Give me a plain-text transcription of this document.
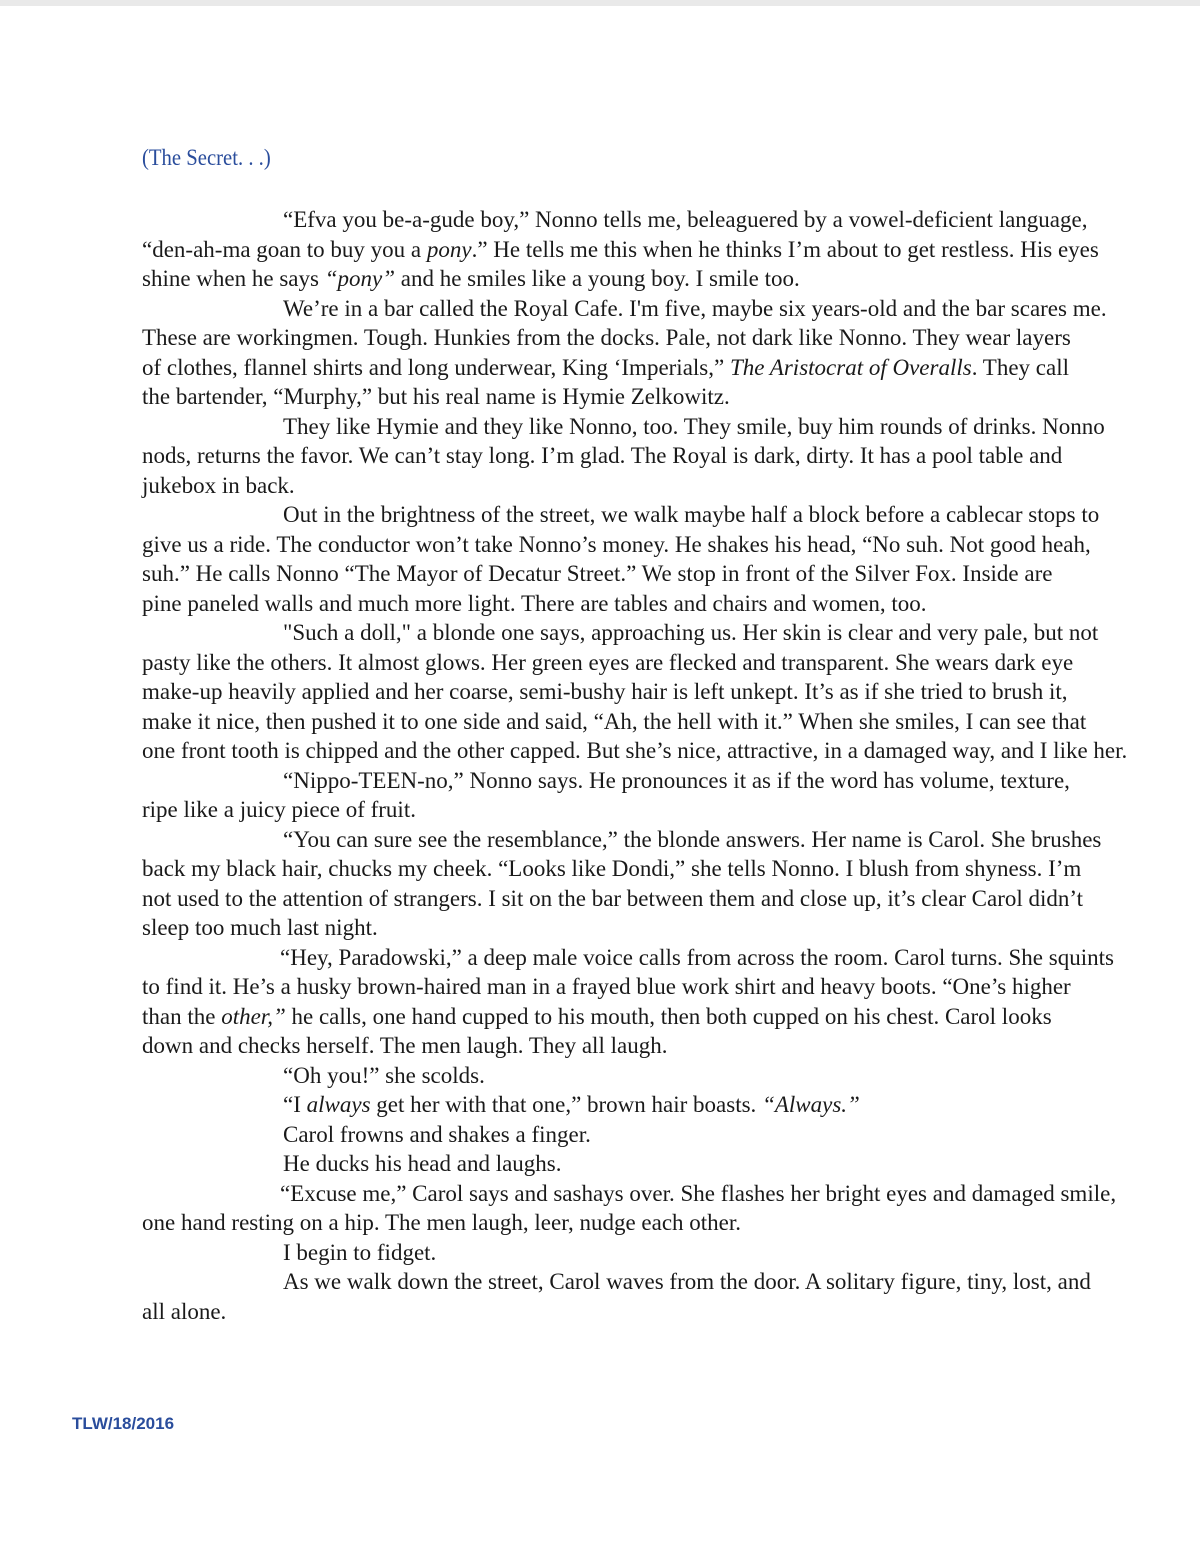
(The Secret. . .)
“Efva you be-a-gude boy,” Nonno tells me, beleaguered by a vowel-deficient language,
“den-ah-ma goan to buy you a pony.” He tells me this when he thinks I’m about to get restless. His eyes
shine when he says “pony” and he smiles like a young boy. I smile too.
We’re in a bar called the Royal Cafe. I'm five, maybe six years-old and the bar scares me.
These are workingmen. Tough. Hunkies from the docks. Pale, not dark like Nonno. They wear layers
of clothes, flannel shirts and long underwear, King ‘Imperials,” The Aristocrat of Overalls. They call
the bartender, “Murphy,” but his real name is Hymie Zelkowitz.
They like Hymie and they like Nonno, too. They smile, buy him rounds of drinks. Nonno
nods, returns the favor. We can’t stay long. I’m glad. The Royal is dark, dirty. It has a pool table and
jukebox in back.
Out in the brightness of the street, we walk maybe half a block before a cablecar stops to
give us a ride. The conductor won’t take Nonno’s money. He shakes his head, “No suh. Not good heah,
suh.” He calls Nonno “The Mayor of Decatur Street.” We stop in front of the Silver Fox. Inside are
pine paneled walls and much more light. There are tables and chairs and women, too.
"Such a doll," a blonde one says, approaching us. Her skin is clear and very pale, but not
pasty like the others. It almost glows. Her green eyes are flecked and transparent. She wears dark eye
make-up heavily applied and her coarse, semi-bushy hair is left unkept. It’s as if she tried to brush it,
make it nice, then pushed it to one side and said, “Ah, the hell with it.” When she smiles, I can see that
one front tooth is chipped and the other capped. But she’s nice, attractive, in a damaged way, and I like her.
“Nippo-TEEN-no,” Nonno says. He pronounces it as if the word has volume, texture,
ripe like a juicy piece of fruit.
“You can sure see the resemblance,” the blonde answers. Her name is Carol. She brushes
back my black hair, chucks my cheek. “Looks like Dondi,” she tells Nonno. I blush from shyness. I’m
not used to the attention of strangers. I sit on the bar between them and close up, it’s clear Carol didn’t
sleep too much last night.
“Hey, Paradowski,” a deep male voice calls from across the room. Carol turns. She squints
to find it. He’s a husky brown-haired man in a frayed blue work shirt and heavy boots. “One’s higher
than the other,” he calls, one hand cupped to his mouth, then both cupped on his chest. Carol looks
down and checks herself. The men laugh. They all laugh.
“Oh you!” she scolds.
“I always get her with that one,” brown hair boasts. “Always.”
Carol frowns and shakes a finger.
He ducks his head and laughs.
“Excuse me,” Carol says and sashays over. She flashes her bright eyes and damaged smile,
one hand resting on a hip. The men laugh, leer, nudge each other.
I begin to fidget.
As we walk down the street, Carol waves from the door. A solitary figure, tiny, lost, and
all alone.
TLW/18/2016
